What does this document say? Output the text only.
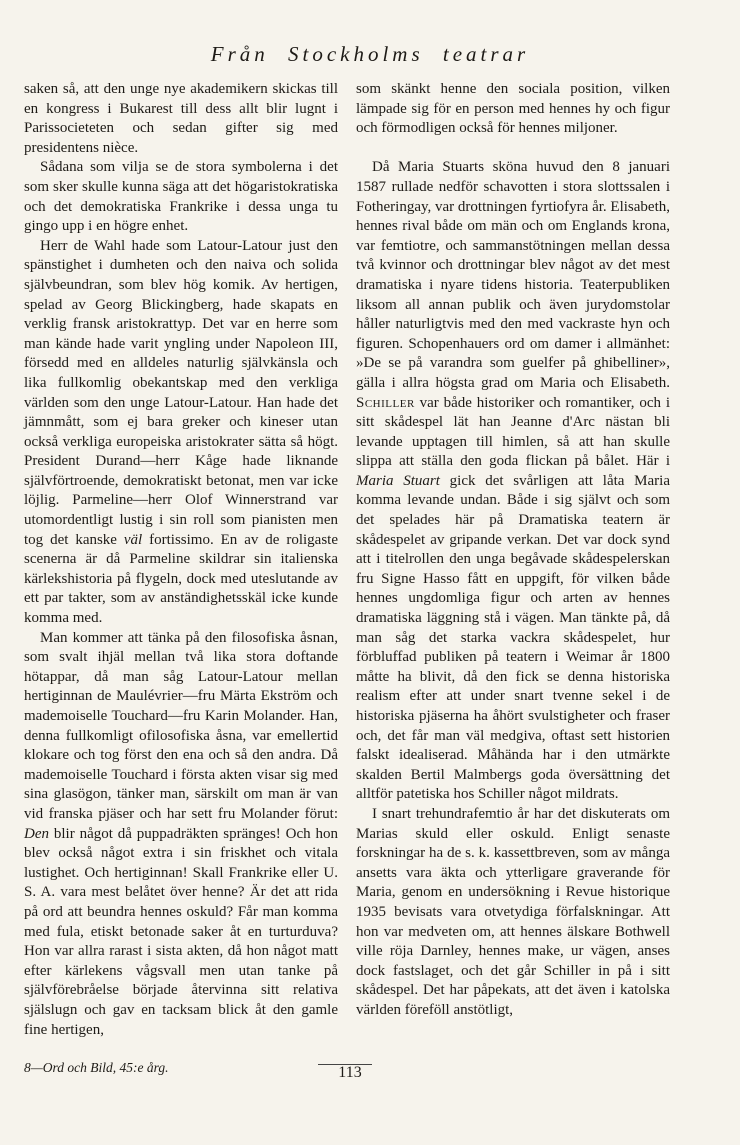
Från Stockholms teatrar

saken så, att den unge nye akademikern skickas till en kongress i Bukarest till dess allt blir lugnt i Parissocieteten och sedan gifter sig med presidentens nièce.

Sådana som vilja se de stora symbolerna i det som sker skulle kunna säga att det högaristokratiska och det demokratiska Frankrike i dessa unga tu gingo upp i en högre enhet.

Herr de Wahl hade som Latour-Latour just den spänstighet i dumheten och den naiva och solida självbeundran, som blev hög komik. Av hertigen, spelad av Georg Blickingberg, hade skapats en verklig fransk aristokrattyp. Det var en herre som man kände hade varit yngling under Napoleon III, försedd med en alldeles naturlig självkänsla och lika fullkomlig obekantskap med den verkliga världen som den unge Latour-Latour. Han hade det jämnmått, som ej bara greker och kineser utan också verkliga europeiska aristokrater sätta så högt. President Durand—herr Kåge hade liknande självförtroende, demokratiskt betonat, men var icke löjlig. Parmeline—herr Olof Winnerstrand var utomordentligt lustig i sin roll som pianisten men tog det kanske väl fortissimo. En av de roligaste scenerna är då Parmeline skildrar sin italienska kärlekshistoria på flygeln, dock med uteslutande av ett par takter, som av anständighetsskäl icke kunde komma med.

Man kommer att tänka på den filosofiska åsnan, som svalt ihjäl mellan två lika stora doftande hötappar, då man såg Latour-Latour mellan hertiginnan de Maulévrier—fru Märta Ekström och mademoiselle Touchard—fru Karin Molander. Han, denna fullkomligt ofilosofiska åsna, var emellertid klokare och tog först den ena och så den andra. Då mademoiselle Touchard i första akten visar sig med sina glasögon, tänker man, särskilt om man är van vid franska pjäser och har sett fru Molander förut: Den blir något då puppadräkten spränges! Och hon blev också något extra i sin friskhet och vitala lustighet. Och hertiginnan! Skall Frankrike eller U. S. A. vara mest belåtet över henne? Är det att rida på ord att beundra hennes oskuld? Får man komma med fula, etiskt betonade saker åt en turturduva? Hon var allra rarast i sista akten, då hon något matt efter kärlekens vågsvall men utan tanke på självförebråelse började återvinna sitt relativa själslugn och gav en tacksam blick åt den gamle fine hertigen,

som skänkt henne den sociala position, vilken lämpade sig för en person med hennes hy och figur och förmodligen också för hennes miljoner.

Då Maria Stuarts sköna huvud den 8 januari 1587 rullade nedför schavotten i stora slottssalen i Fotheringay, var drottningen fyrtiofyra år. Elisabeth, hennes rival både om män och om Englands krona, var femtiotre, och sammanstötningen mellan dessa två kvinnor och drottningar blev något av det mest dramatiska i nyare tidens historia. Teaterpubliken liksom all annan publik och även jurydomstolar håller naturligtvis med den med vackraste hyn och figuren. Schopenhauers ord om damer i allmänhet: »De se på varandra som guelfer på ghibelliner», gälla i allra högsta grad om Maria och Elisabeth. Schiller var både historiker och romantiker, och i sitt skådespel lät han Jeanne d'Arc nästan bli levande upptagen till himlen, så att han skulle slippa att ställa den goda flickan på bålet. Här i Maria Stuart gick det svårligen att låta Maria komma levande undan. Både i sig självt och som det spelades här på Dramatiska teatern är skådespelet av gripande verkan. Det var dock synd att i titelrollen den unga begåvade skådespelerskan fru Signe Hasso fått en uppgift, för vilken både hennes ungdomliga figur och arten av hennes dramatiska läggning stå i vägen. Man tänkte på, då man såg det starka vackra skådespelet, hur förbluffad publiken på teatern i Weimar år 1800 måtte ha blivit, då den fick se denna historiska realism efter att under snart tvenne sekel i de historiska pjäserna ha åhört svulstigheter och fraser och, det får man väl medgiva, oftast sett historien falskt idealiserad. Måhända har i den utmärkte skalden Bertil Malmbergs goda översättning det alltför patetiska hos Schiller något mildrats.

I snart trehundrafemtio år har det diskuterats om Marias skuld eller oskuld. Enligt senaste forskningar ha de s. k. kassettbreven, som av många ansetts vara äkta och ytterligare graverande för Maria, genom en undersökning i Revue historique 1935 bevisats vara otvetydiga förfalskningar. Att hon var medveten om, att hennes älskare Bothwell ville röja Darnley, hennes make, ur vägen, anses dock fastslaget, och det går Schiller in på i sitt skådespel. Det har påpekats, att det även i katolska världen föreföll anstötligt,

8—Ord och Bild, 45:e årg.	113
